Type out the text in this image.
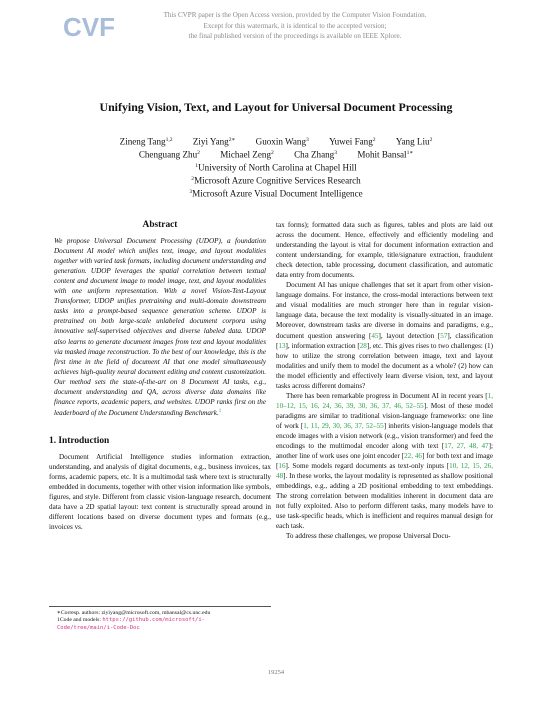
CVF	This CVPR paper is the Open Access version, provided by the Computer Vision Foundation.
Except for this watermark, it is identical to the accepted version;
the final published version of the proceedings is available on IEEE Xplore.
Unifying Vision, Text, and Layout for Universal Document Processing
Zineng Tang$^{1,2}$ Ziyi Yang$^{2∗}$ Guoxin Wang$^3$ Yuwei Fang$^2$ Yang Liu$^2$
Chenguang Zhu$^2$ Michael Zeng$^2$ Cha Zhang$^3$ Mohit Bansal$^{1∗}$
$^1$University of North Carolina at Chapel Hill
$^2$Microsoft Azure Cognitive Services Research
$^3$Microsoft Azure Visual Document Intelligence
Abstract

We propose Universal Document Processing (UDOP), a foundation Document AI model which unifies text, image, and layout modalities together with varied task formats, including document understanding and generation. UDOP leverages the spatial correlation between textual content and document image to model image, text, and layout modalities with one uniform representation. With a novel Vision-Text-Layout Transformer, UDOP unifies pretraining and multi-domain downstream tasks into a prompt-based sequence generation scheme. UDOP is pretrained on both large-scale unlabeled document corpora using innovative self-supervised objectives and diverse labeled data. UDOP also learns to generate document images from text and layout modalities via masked image reconstruction. To the best of our knowledge, this is the first time in the field of document AI that one model simultaneously achieves high-quality neural document editing and content customization. Our method sets the state-of-the-art on 8 Document AI tasks, e.g., document understanding and QA, across diverse data domains like finance reports, academic papers, and websites. UDOP ranks first on the leaderboard of the Document Understanding Benchmark.$^1$

1. Introduction

Document Artificial Intelligence studies information extraction, understanding, and analysis of digital documents, e.g., business invoices, tax forms, academic papers, etc. It is a multimodal task where text is structurally embedded in documents, together with other vision information like symbols, figures, and style. Different from classic vision-language research, document data have a 2D spatial layout: text content is structurally spread around in different locations based on diverse document types and formats (e.g., invoices vs.

∗Corresp. authors: ziyiyang@microsoft.com, mbansal@cs.unc.edu
1Code and models: https://github.com/microsoft/i-
Code/tree/main/i-Code-Doc

tax forms); formatted data such as figures, tables and plots are laid out across the document. Hence, effectively and efficiently modeling and understanding the layout is vital for document information extraction and content understanding, for example, title/signature extraction, fraudulent check detection, table processing, document classification, and automatic data entry from documents.

Document AI has unique challenges that set it apart from other vision-language domains. For instance, the cross-modal interactions between text and visual modalities are much stronger here than in regular vision-language data, because the text modality is visually-situated in an image. Moreover, downstream tasks are diverse in domains and paradigms, e.g., document question answering [45], layout detection [57], classification [13], information extraction [28], etc. This gives rises to two challenges: (1) how to utilize the strong correlation between image, text and layout modalities and unify them to model the document as a whole? (2) how can the model efficiently and effectively learn diverse vision, text, and layout tasks across different domains?

There has been remarkable progress in Document AI in recent years [1, 10–12, 15, 16, 24, 36, 39, 30, 36, 37, 46, 52–55]. Most of these model paradigms are similar to traditional vision-language frameworks: one line of work [1, 11, 29, 30, 36, 37, 52–55] inherits vision-language models that encode images with a vision network (e.g., vision transformer) and feed the encodings to the multimodal encoder along with text [17, 27, 48, 47]; another line of work uses one joint encoder [22, 46] for both text and image [16]. Some models regard documents as text-only inputs [10, 12, 15, 26, 48]. In these works, the layout modality is represented as shallow positional embeddings, e.g., adding a 2D positional embedding to text embeddings. The strong correlation between modalities inherent in document data are not fully exploited. Also to perform different tasks, many models have to use task-specific heads, which is inefficient and requires manual design for each task.

To address these challenges, we propose Universal Docu-

19254
